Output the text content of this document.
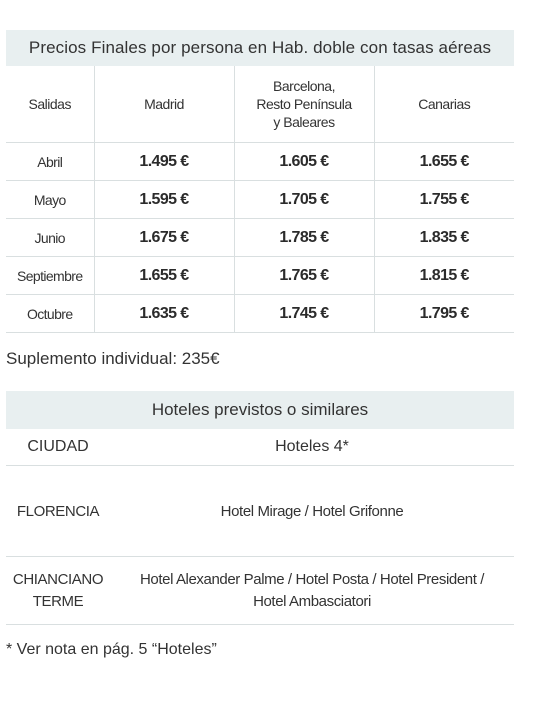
Precios Finales por persona en Hab. doble con tasas aéreas
Salidas	Madrid	Barcelona,
Resto Península
y Baleares	Canarias
Abril	1.495 €	1.605 €	1.655 €
Mayo	1.595 €	1.705 €	1.755 €
Junio	1.675 €	1.785 €	1.835 €
Septiembre	1.655 €	1.765 €	1.815 €
Octubre	1.635 €	1.745 €	1.795 €
Suplemento individual: 235€
Hoteles previstos o similares
CIUDAD	Hoteles 4*
FLORENCIA	Hotel Mirage / Hotel Grifonne
CHIANCIANO
TERME	Hotel Alexander Palme / Hotel Posta / Hotel President /
Hotel Ambasciatori
* Ver nota en pág. 5 “Hoteles”
